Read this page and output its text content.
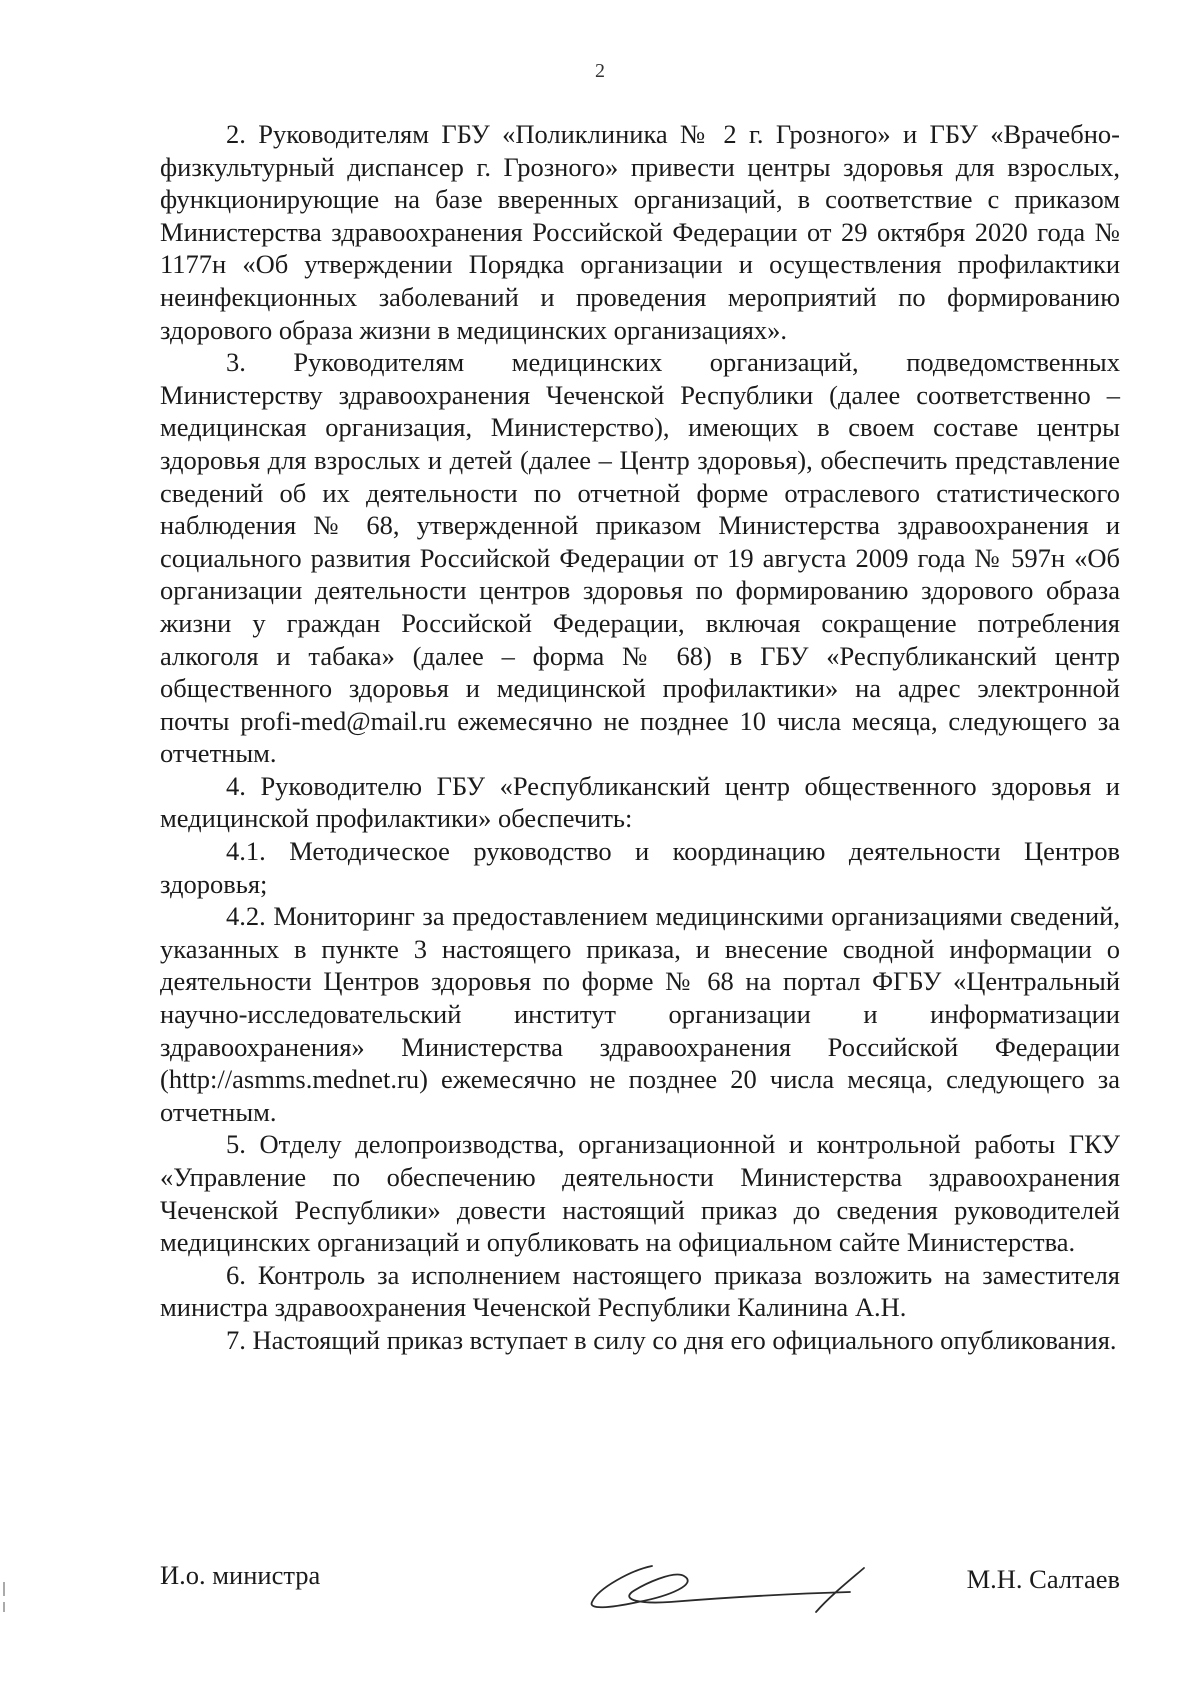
2

2. Руководителям ГБУ «Поликлиника № 2 г. Грозного» и ГБУ «Врачебно-физкультурный диспансер г. Грозного» привести центры здоровья для взрослых, функционирующие на базе вверенных организаций, в соответствие с приказом Министерства здравоохранения Российской Федерации от 29 октября 2020 года № 1177н «Об утверждении Порядка организации и осуществления профилактики неинфекционных заболеваний и проведения мероприятий по формированию здорового образа жизни в медицинских организациях».

3. Руководителям медицинских организаций, подведомственных Министерству здравоохранения Чеченской Республики (далее соответственно – медицинская организация, Министерство), имеющих в своем составе центры здоровья для взрослых и детей (далее – Центр здоровья), обеспечить представление сведений об их деятельности по отчетной форме отраслевого статистического наблюдения № 68, утвержденной приказом Министерства здравоохранения и социального развития Российской Федерации от 19 августа 2009 года № 597н «Об организации деятельности центров здоровья по формированию здорового образа жизни у граждан Российской Федерации, включая сокращение потребления алкоголя и табака» (далее – форма № 68) в ГБУ «Республиканский центр общественного здоровья и медицинской профилактики» на адрес электронной почты profi-med@mail.ru ежемесячно не позднее 10 числа месяца, следующего за отчетным.

4. Руководителю ГБУ «Республиканский центр общественного здоровья и медицинской профилактики» обеспечить:

4.1. Методическое руководство и координацию деятельности Центров здоровья;

4.2. Мониторинг за предоставлением медицинскими организациями сведений, указанных в пункте 3 настоящего приказа, и внесение сводной информации о деятельности Центров здоровья по форме № 68 на портал ФГБУ «Центральный научно-исследовательский институт организации и информатизации здравоохранения» Министерства здравоохранения Российской Федерации (http://asmms.mednet.ru) ежемесячно не позднее 20 числа месяца, следующего за отчетным.

5. Отделу делопроизводства, организационной и контрольной работы ГКУ «Управление по обеспечению деятельности Министерства здравоохранения Чеченской Республики» довести настоящий приказ до сведения руководителей медицинских организаций и опубликовать на официальном сайте Министерства.

6. Контроль за исполнением настоящего приказа возложить на заместителя министра здравоохранения Чеченской Республики Калинина А.Н.

7. Настоящий приказ вступает в силу со дня его официального опубликования.

И.о. министра	М.Н. Салтаев
